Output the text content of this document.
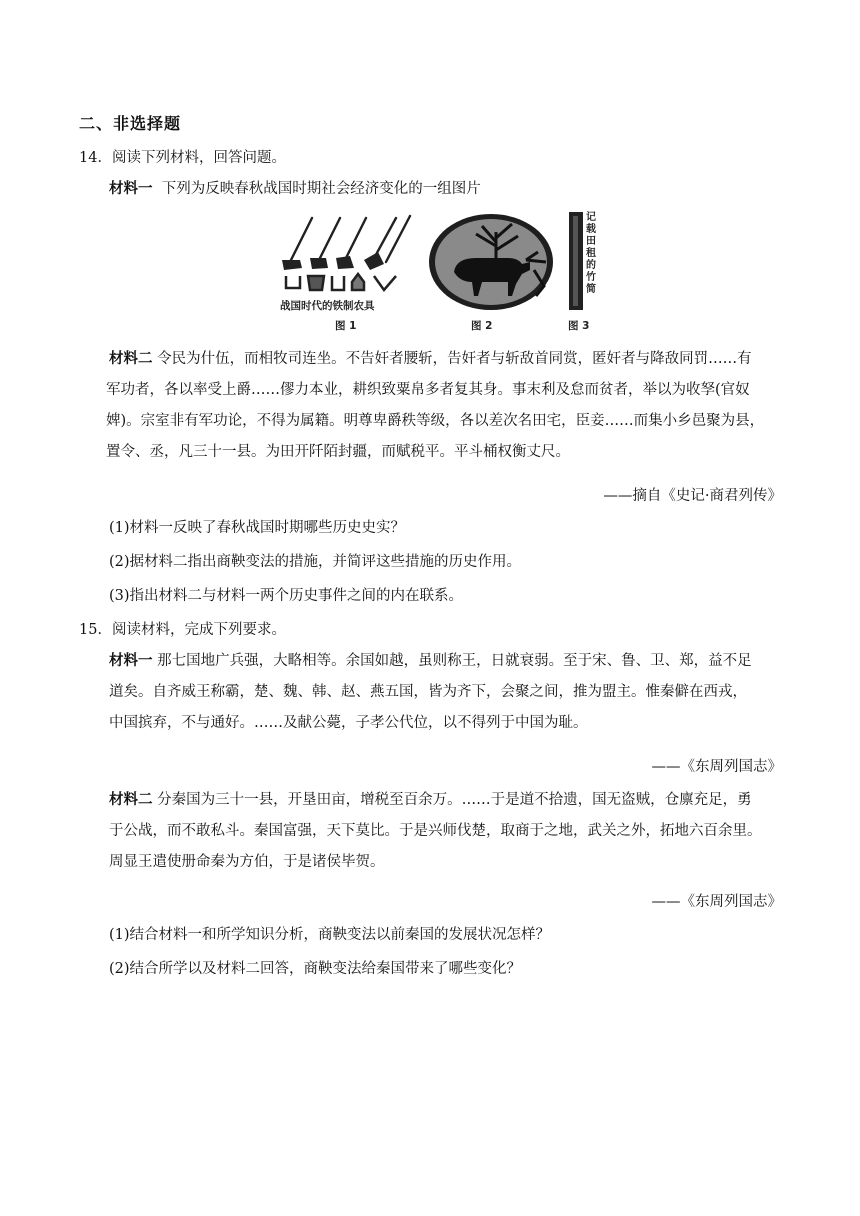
二、非选择题
14．阅读下列材料，回答问题。
材料一 下列为反映春秋战国时期社会经济变化的一组图片
战国时代的铁制农具
图 1	图 2
记载田租的竹简
图 3
材料二 令民为什伍，而相牧司连坐。不告奸者腰斩，告奸者与斩敌首同赏，匿奸者与降敌同罚……有
军功者，各以率受上爵……僇力本业，耕织致粟帛多者复其身。事末利及怠而贫者，举以为收孥(官奴
婢)。宗室非有军功论，不得为属籍。明尊卑爵秩等级，各以差次名田宅，臣妾……而集小乡邑聚为县，
置令、丞，凡三十一县。为田开阡陌封疆，而赋税平。平斗桶权衡丈尺。
——摘自《史记·商君列传》
(1)材料一反映了春秋战国时期哪些历史史实？
(2)据材料二指出商鞅变法的措施，并简评这些措施的历史作用。
(3)指出材料二与材料一两个历史事件之间的内在联系。
15．阅读材料，完成下列要求。
材料一 那七国地广兵强，大略相等。余国如越，虽则称王，日就衰弱。至于宋、鲁、卫、郑，益不足
道矣。自齐威王称霸，楚、魏、韩、赵、燕五国，皆为齐下，会聚之间，推为盟主。惟秦僻在西戎，
中国摈弃，不与通好。……及献公薨，子孝公代位，以不得列于中国为耻。
——《东周列国志》
材料二 分秦国为三十一县，开垦田亩，增税至百余万。……于是道不拾遗，国无盗贼，仓廪充足，勇
于公战，而不敢私斗。秦国富强，天下莫比。于是兴师伐楚，取商于之地，武关之外，拓地六百余里。
周显王遣使册命秦为方伯，于是诸侯毕贺。
——《东周列国志》
(1)结合材料一和所学知识分析，商鞅变法以前秦国的发展状况怎样？
(2)结合所学以及材料二回答，商鞅变法给秦国带来了哪些变化？
